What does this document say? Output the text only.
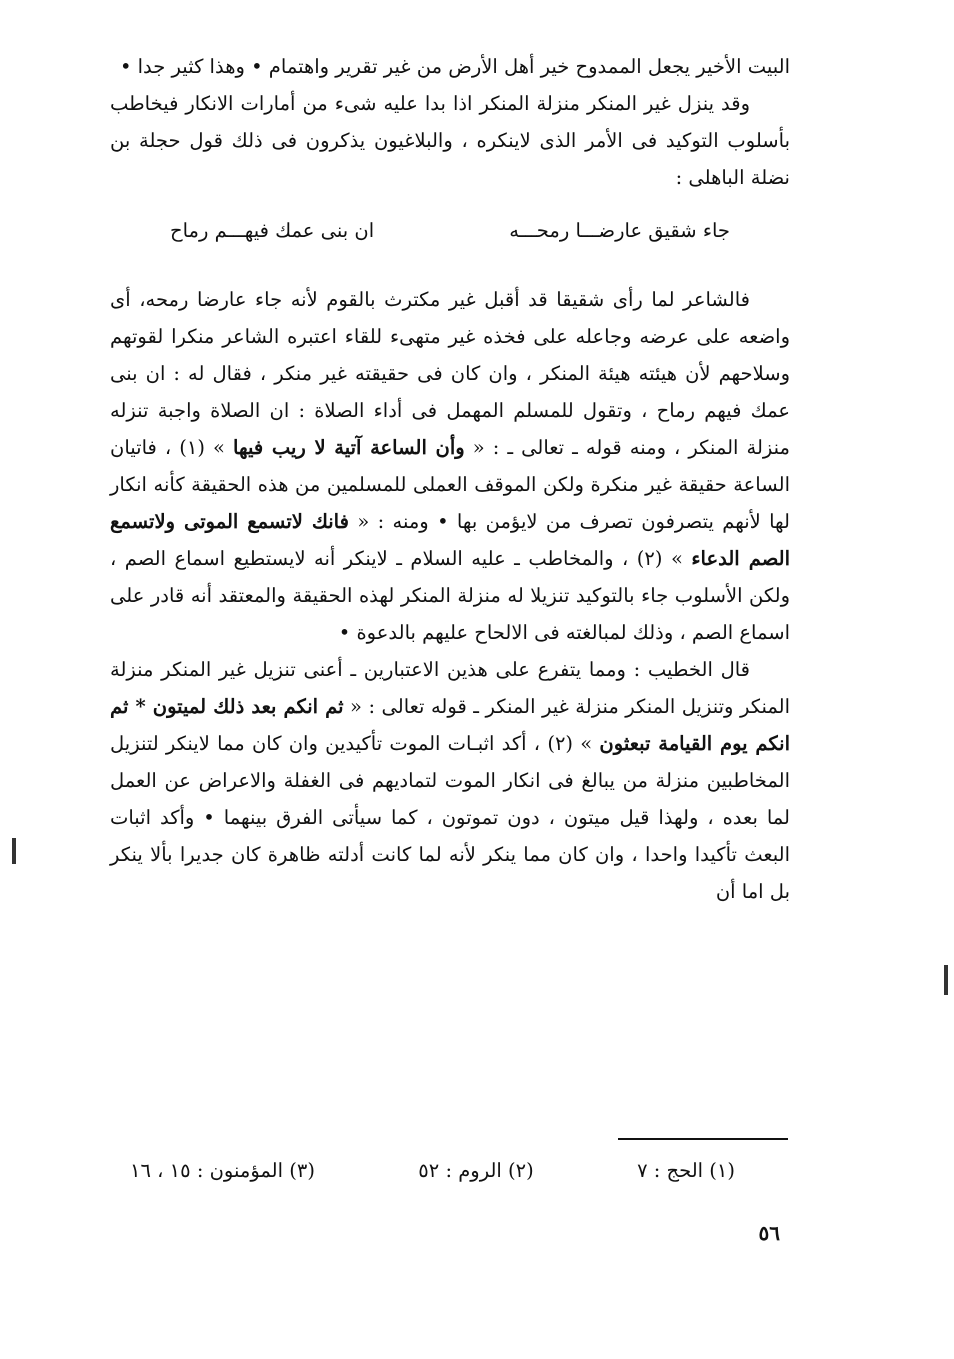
البيت الأخير يجعل الممدوح خير أهل الأرض من غير تقرير واهتمام • وهذا كثير جدا •

وقد ينزل غير المنكر منزلة المنكر اذا بدا عليه شىء من أمارات الانكار فيخاطب بأسلوب التوكيد فى الأمر الذى لاينكره ، والبلاغيون يذكرون فى ذلك قول حجلة بن نضلة الباهلى :

جاء شقيق عارضـــا رمحـــه
ان بنى عمك فيهـــم رماح

فالشاعر لما رأى شقيقا قد أقبل غير مكترث بالقوم لأنه جاء عارضا رمحه، أى واضعه على عرضه وجاعله على فخذه غير متهىء للقاء اعتبره الشاعر منكرا لقوتهم وسلاحهم لأن هيئته هيئة المنكر ، وان كان فى حقيقته غير منكر ، فقال له : ان بنى عمك فيهم رماح ، وتقول للمسلم المهمل فى أداء الصلاة : ان الصلاة واجبة تنزله منزلة المنكر ، ومنه قوله ـ تعالى ـ : « وأن الساعة آتية لا ريب فيها » (١) ، فاتيان الساعة حقيقة غير منكرة ولكن الموقف العملى للمسلمين من هذه الحقيقة كأنه انكار لها لأنهم يتصرفون تصرف من لايؤمن بها • ومنه : « فانك لاتسمع الموتى ولاتسمع الصم الدعاء » (٢) ، والمخاطب ـ عليه السلام ـ لاينكر أنه لايستطيع اسماع الصم ، ولكن الأسلوب جاء بالتوكيد تنزيلا له منزلة المنكر لهذه الحقيقة والمعتقد أنه قادر على اسماع الصم ، وذلك لمبالغته فى الالحاح عليهم بالدعوة •

قال الخطيب : ومما يتفرع على هذين الاعتبارين ـ أعنى تنزيل غير المنكر منزلة المنكر وتنزيل المنكر منزلة غير المنكر ـ قوله تعالى : « ثم انكم بعد ذلك لميتون * ثم انكم يوم القيامة تبعثون » (٢) ، أكد اثبـات الموت تأكيدين وان كان مما لاينكر لتنزيل المخاطبين منزلة من يبالغ فى انكار الموت لتماديهم فى الغفلة والاعراض عن العمل لما بعده ، ولهذا قيل ميتون ، دون تموتون ، كما سيأتى الفرق بينهما • وأكد اثبات البعث تأكيدا واحدا ، وان كان مما ينكر لأنه لما كانت أدلته ظاهرة كان جديرا بألا ينكر بل اما أن

(١) الحج : ٧
(٢) الروم : ٥٢
(٣) المؤمنون : ١٥ ، ١٦
٥٦
